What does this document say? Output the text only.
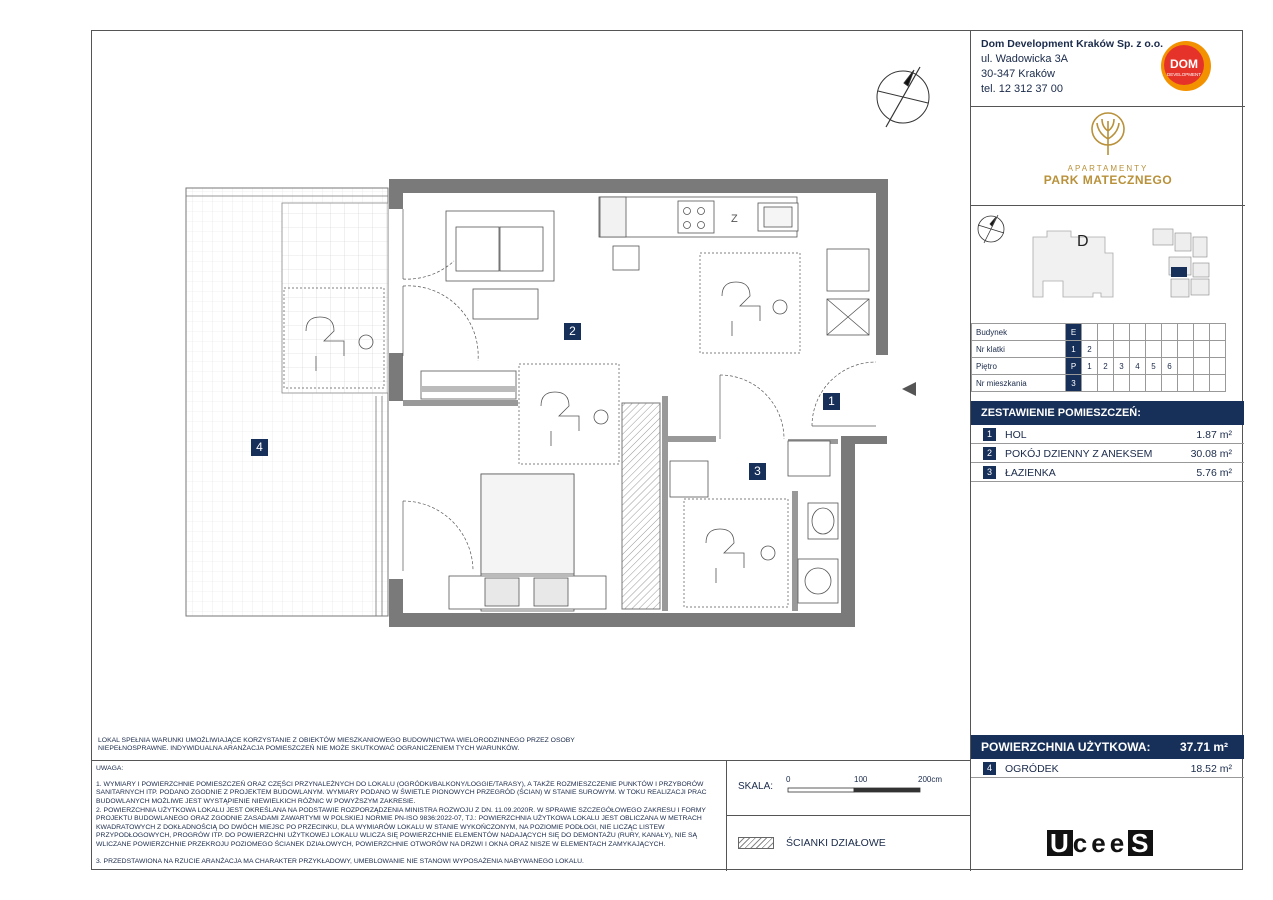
Z
1
2
3
4
LOKAL SPEŁNIA WARUNKI UMOŻLIWIAJĄCE KORZYSTANIE Z OBIEKTÓW MIESZKANIOWEGO BUDOWNICTWA WIELORODZINNEGO PRZEZ OSOBY NIEPEŁNOSPRAWNE. INDYWIDUALNA ARANŻACJA POMIESZCZEŃ NIE MOŻE SKUTKOWAĆ OGRANICZENIEM TYCH WARUNKÓW.
UWAGA:
1. WYMIARY I POWIERZCHNIE POMIESZCZEŃ ORAZ CZĘŚCI PRZYNALEŻNYCH DO LOKALU (OGRÓDKI/BALKONY/LOGGIE/TARASY), A TAKŻE ROZMIESZCZENIE PUNKTÓW I PRZYBORÓW SANITARNYCH ITP. PODANO ZGODNIE Z PROJEKTEM BUDOWLANYM. WYMIARY PODANO W ŚWIETLE PIONOWYCH PRZEGRÓD (ŚCIAN) W STANIE SUROWYM. W TOKU REALIZACJI PRAC BUDOWLANYCH MOŻLIWE JEST WYSTĄPIENIE NIEWIELKICH RÓŻNIC W POWYŻSZYM ZAKRESIE.
2. POWIERZCHNIA UŻYTKOWA LOKALU JEST OKREŚLANA NA PODSTAWIE ROZPORZĄDZENIA MINISTRA ROZWOJU Z DN. 11.09.2020R. W SPRAWIE SZCZEGÓŁOWEGO ZAKRESU I FORMY PROJEKTU BUDOWLANEGO ORAZ ZGODNIE ZASADAMI ZAWARTYMI W POLSKIEJ NORMIE PN-ISO 9836:2022-07, TJ.: POWIERZCHNIA UŻYTKOWA LOKALU JEST OBLICZANA W METRACH KWADRATOWYCH Z DOKŁADNOŚCIĄ DO DWÓCH MIEJSC PO PRZECINKU, DLA WYMIARÓW LOKALU W STANIE WYKOŃCZONYM, NA POZIOMIE PODŁOGI, NIE LICZĄC LISTEW PRZYPODŁOGOWYCH, PROGRÓW ITP. DO POWIERZCHNI UŻYTKOWEJ LOKALU WLICZA SIĘ POWIERZCHNIE ELEMENTÓW NADAJĄCYCH SIĘ DO DEMONTAŻU (RURY, KANAŁY), NIE SĄ WLICZANE POWIERZCHNIE PRZEKROJU POZIOMEGO ŚCIANEK DZIAŁOWYCH, POWIERZCHNIE OTWORÓW NA DRZWI I OKNA ORAZ NISZE W ELEMENTACH ZAMYKAJĄCYCH.
3. PRZEDSTAWIONA NA RZUCIE ARANŻACJA MA CHARAKTER PRZYKŁADOWY, UMEBLOWANIE NIE STANOWI WYPOSAŻENIA NABYWANEGO LOKALU.
SKALA:
0	100	200cm
ŚCIANKI DZIAŁOWE
Dom Development Kraków Sp. z o.o.
ul. Wadowicka 3A
30-347 Kraków
tel. 12 312 37 00
DOM
DEVELOPMENT
APARTAMENTY
PARK MATECZNEGO
D
Budynek	E									
Nr klatki	1	2								
Piętro	P	1	2	3	4	5	6			
Nr mieszkania	3									
ZESTAWIENIE POMIESZCZEŃ:
1	HOL	1.87 m²
2	POKÓJ DZIENNY Z ANEKSEM	30.08 m²
3	ŁAZIENKA	5.76 m²
POWIERZCHNIA UŻYTKOWA: 37.71 m²
4	OGRÓDEK	18.52 m²
U cee S
